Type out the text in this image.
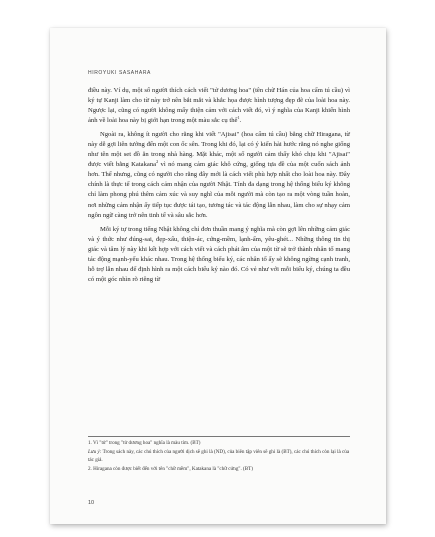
HIROYUKI SASAHARA

điều này. Ví dụ, một số người thích cách viết "tử dương hoa" (tên chữ Hán của hoa cẩm tú cầu) vì ký tự Kanji làm cho từ này trở nên bắt mắt và khắc họa được hình tượng đẹp đẽ của loài hoa này. Ngược lại, cũng có người không mấy thiện cảm với cách viết đó, vì ý nghĩa của Kanji khiến hình ảnh về loài hoa này bị giới hạn trong một màu sắc cụ thể$^1$.

Ngoài ra, không ít người cho rằng khi viết "Ajisai" (hoa cẩm tú cầu) bằng chữ Hiragana, từ này dễ gợi liên tưởng đến một con ốc sên. Trong khi đó, lại có ý kiến hài hước rằng nó nghe giống như tên một set đồ ăn trong nhà hàng. Mặt khác, một số người cảm thấy khó chịu khi "Ajisai" được viết bằng Katakana$^2$ vì nó mang cảm giác khô cứng, giống tựa đề của một cuốn sách ảnh hơn. Thế nhưng, cũng có người cho rằng đây mới là cách viết phù hợp nhất cho loài hoa này. Đây chính là thực tế trong cách cảm nhận của người Nhật. Tính đa dạng trong hệ thống biểu ký không chỉ làm phong phú thêm cảm xúc và suy nghĩ của mỗi người mà còn tạo ra một vòng tuần hoàn, nơi những cảm nhận ấy tiếp tục được tái tạo, tương tác và tác động lẫn nhau, làm cho sự nhạy cảm ngôn ngữ càng trở nên tinh tế và sâu sắc hơn.

Mỗi ký tự trong tiếng Nhật không chỉ đơn thuần mang ý nghĩa mà còn gợi lên những cảm giác và ý thức như đúng-sai, đẹp-xấu, thiện-ác, cứng-mềm, lạnh-ấm, yêu-ghét... Những thông tin thị giác và tâm lý này khi kết hợp với cách viết và cách phát âm của một từ sẽ trở thành nhân tố mang tác động mạnh-yếu khác nhau. Trong hệ thống biểu ký, các nhân tố ấy sẽ không ngừng cạnh tranh, hỗ trợ lẫn nhau để định hình ra một cách biểu ký nào đó. Có vẻ như với mỗi biểu ký, chúng ta đều có một góc nhìn rõ riêng từ

1. Vì "tử" trong "tử dương hoa" nghĩa là màu tím. (BT)

Lưu ý: Trong sách này, các chú thích của người dịch sẽ ghi là (ND), của biên tập viên sẽ ghi là (BT), các chú thích còn lại là của tác giả.

2. Hiragana còn được biết đến với tên "chữ mềm", Katakana là "chữ cứng". (BT)

10
